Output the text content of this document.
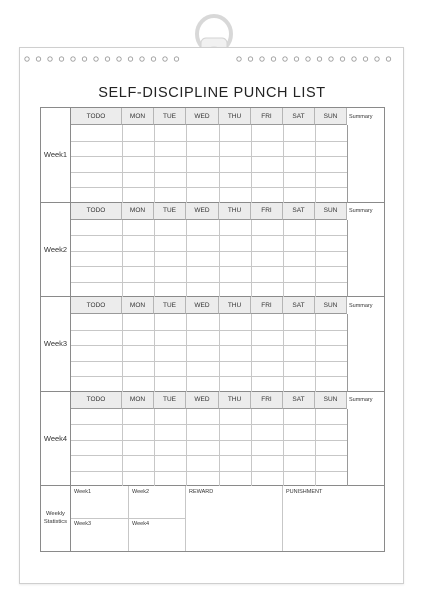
SELF-DISCIPLINE PUNCH LIST
Week1
TODO	MON	TUE	WED	THU	FRI	SAT	SUN	Summary
Week2
TODO	MON	TUE	WED	THU	FRI	SAT	SUN	Summary
Week3
TODO	MON	TUE	WED	THU	FRI	SAT	SUN	Summary
Week4
TODO	MON	TUE	WED	THU	FRI	SAT	SUN	Summary
Weekly
Statistics
Week1	Week2
Week3	Week4
REWARD	PUNISHMENT
